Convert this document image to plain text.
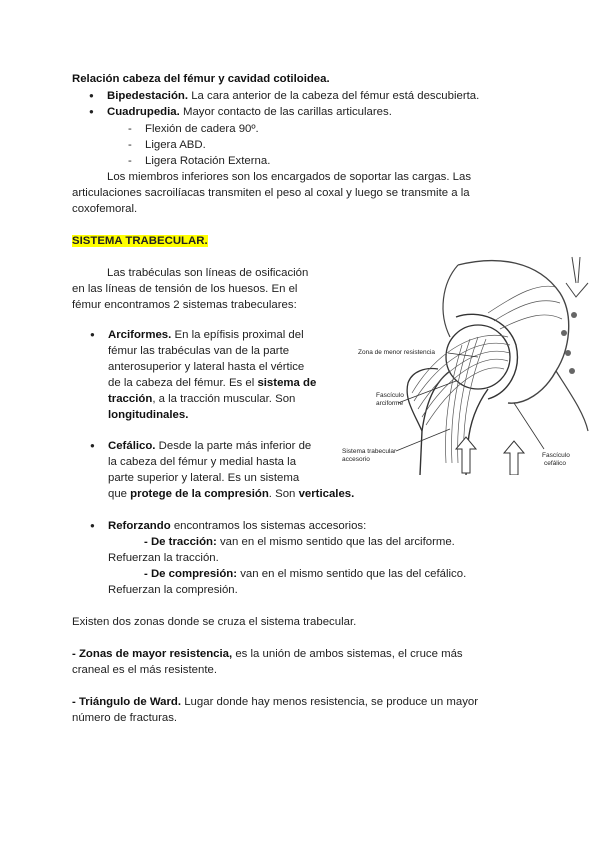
Relación cabeza del fémur y cavidad cotiloidea.
● Bipedestación. La cara anterior de la cabeza del fémur está descubierta.
● Cuadrupedia. Mayor contacto de las carillas articulares.
- Flexión de cadera 90º.
- Ligera ABD.
- Ligera Rotación Externa.
Los miembros inferiores son los encargados de soportar las cargas. Las
articulaciones sacroilíacas transmiten el peso al coxal y luego se transmite a la
coxofemoral.
SISTEMA TRABECULAR.
Las trabéculas son líneas de osificación
en las líneas de tensión de los huesos. En el
fémur encontramos 2 sistemas trabeculares:
● Arciformes. En la epífisis proximal del
fémur las trabéculas van de la parte
anterosuperior y lateral hasta el vértice
de la cabeza del fémur. Es el sistema de
tracción, a la tracción muscular. Son
longitudinales.
● Cefálico. Desde la parte más inferior de
la cabeza del fémur y medial hasta la
parte superior y lateral. Es un sistema
que protege de la compresión. Son verticales.
● Reforzando encontramos los sistemas accesorios:
- De tracción: van en el mismo sentido que las del arciforme.
Refuerzan la tracción.
- De compresión: van en el mismo sentido que las del cefálico.
Refuerzan la compresión.
Existen dos zonas donde se cruza el sistema trabecular.
- Zonas de mayor resistencia, es la unión de ambos sistemas, el cruce más
craneal es el más resistente.
- Triángulo de Ward. Lugar donde hay menos resistencia, se produce un mayor
número de fracturas.
Zona de menor resistencia
Fascículo
arciforme
Sistema trabecular
accesorio
Fascículo
cefálico
